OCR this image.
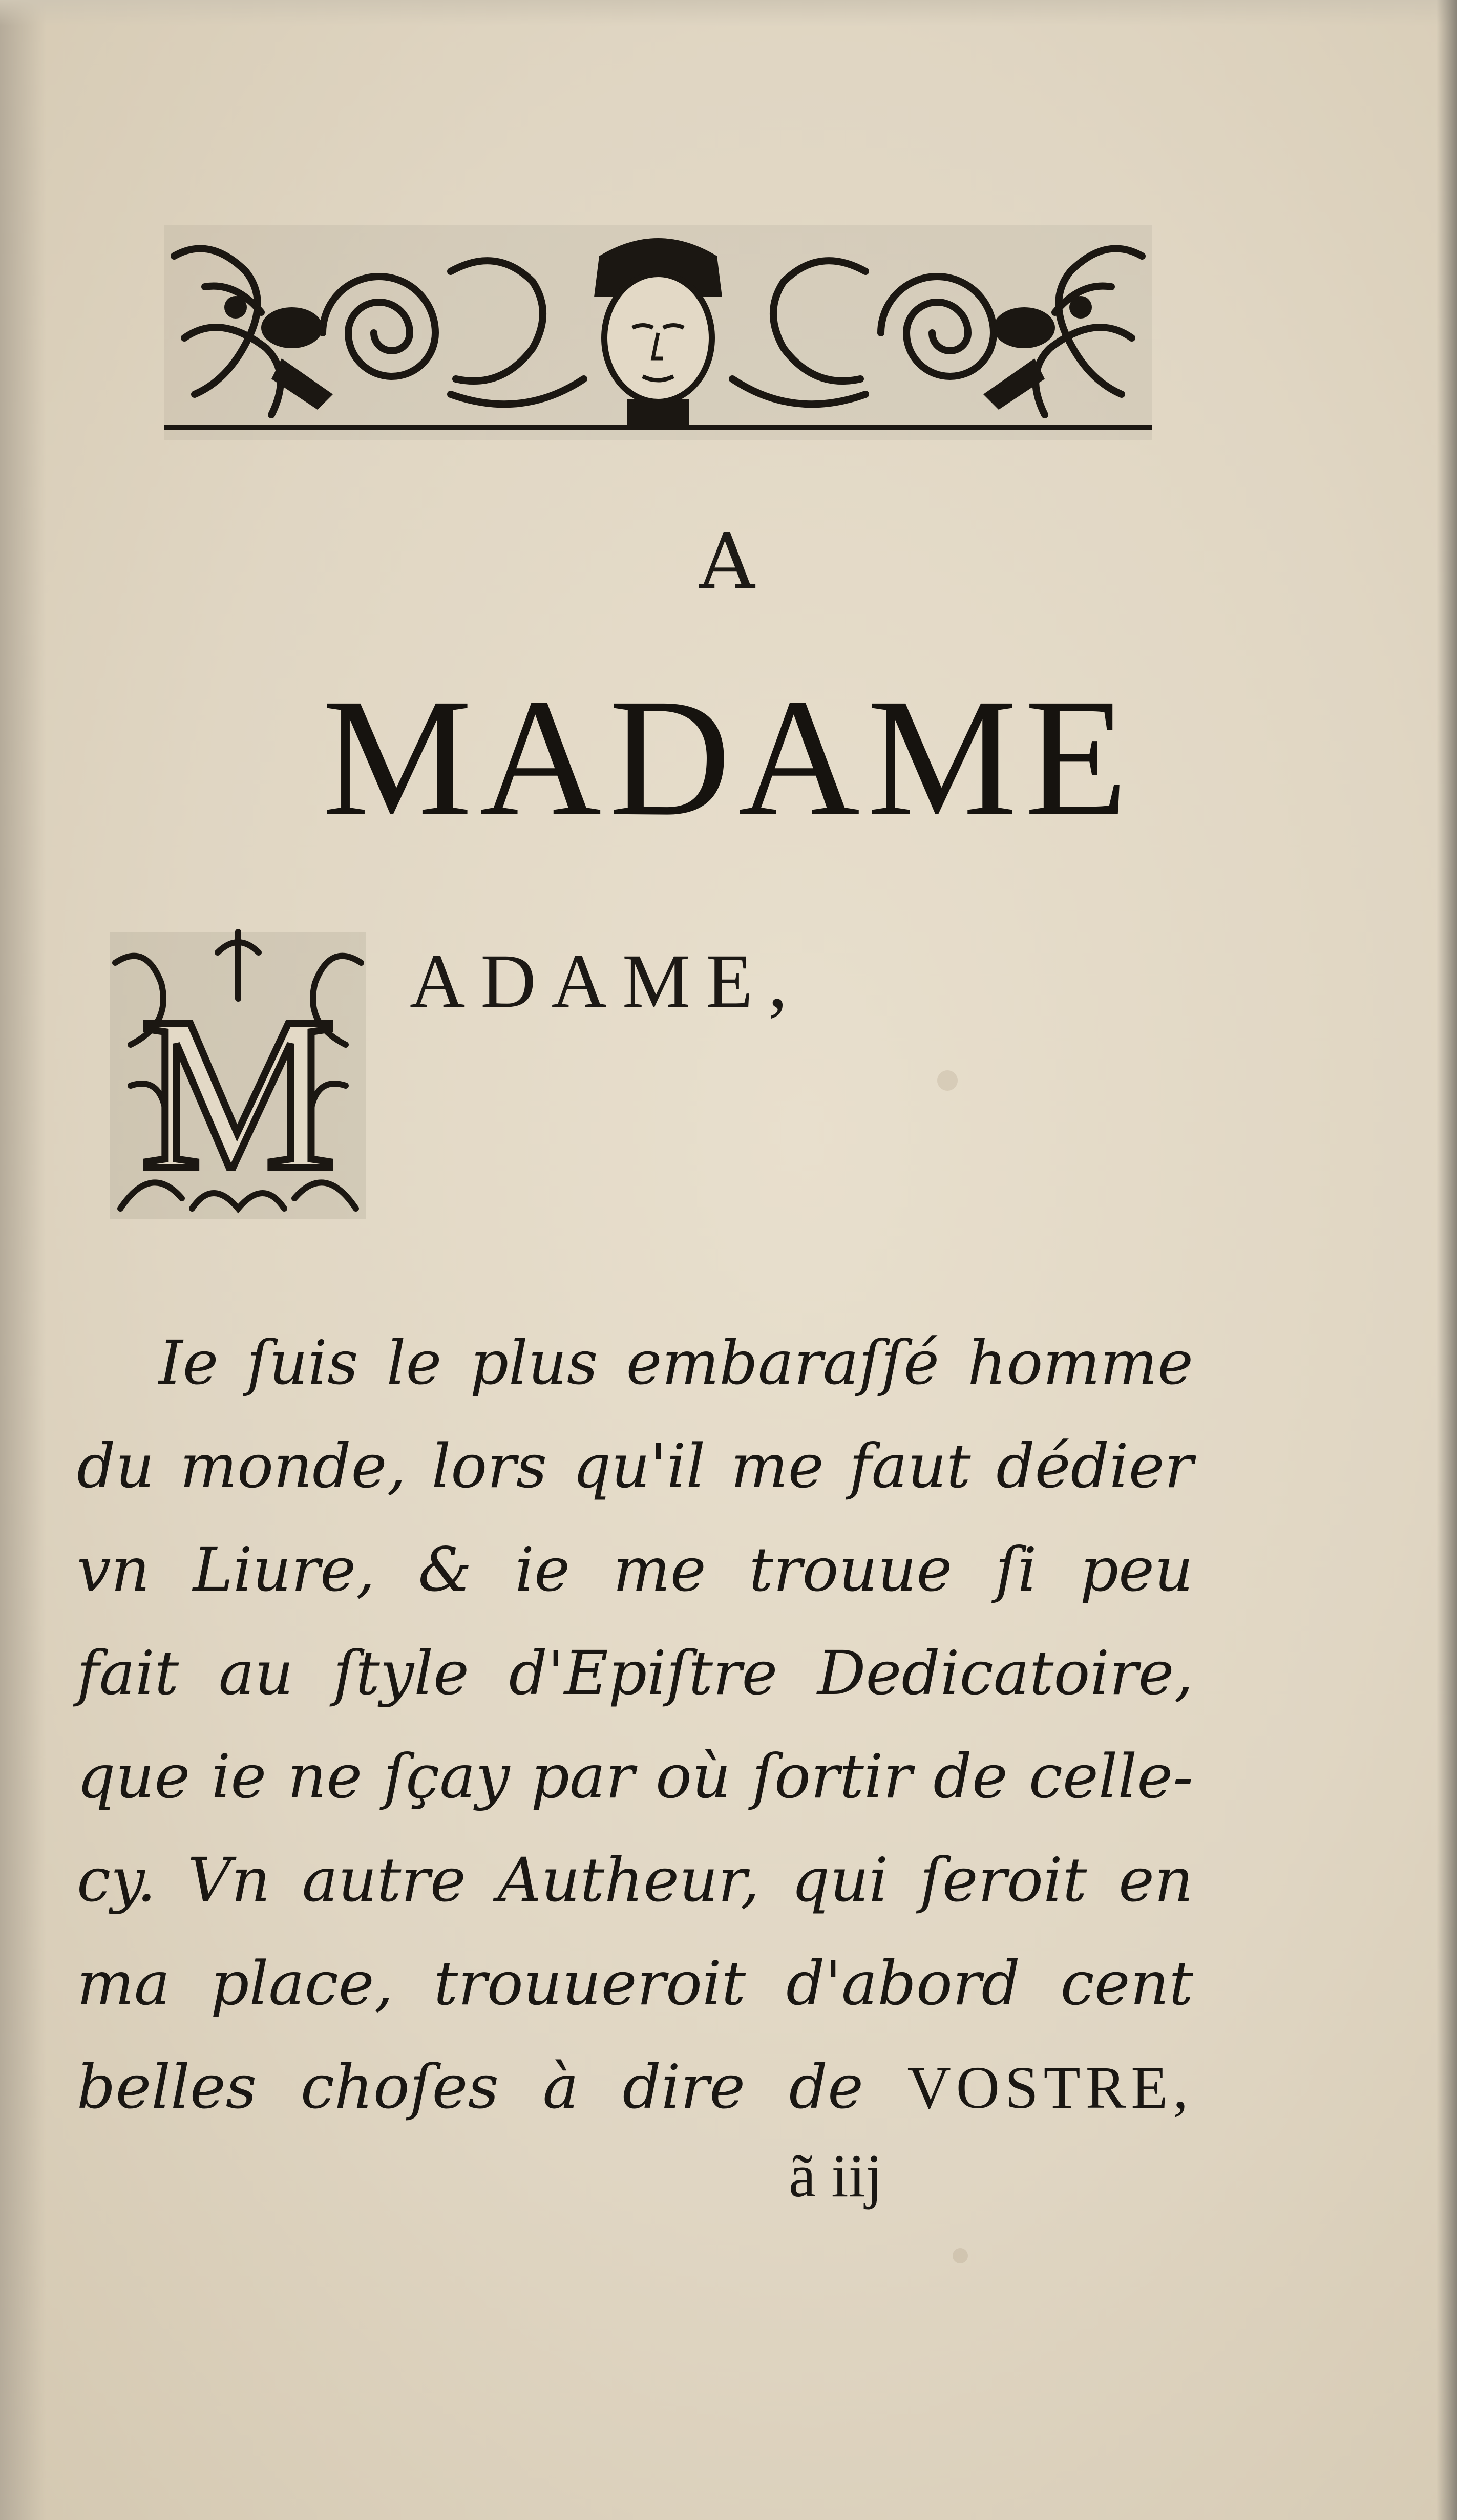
A
MADAME
M ADAME,
Ie ſuis le plus embaraſſé homme
du monde, lors qu'il me faut dédier
vn Liure, & ie me trouue ſi peu
fait au ſtyle d'Epiſtre Dedicatoire,
que ie ne ſçay par où ſortir de celle-
cy. Vn autre Autheur, qui ſeroit en
ma place, trouueroit d'abord cent
belles choſes à dire de VOSTRE,
ã iij
